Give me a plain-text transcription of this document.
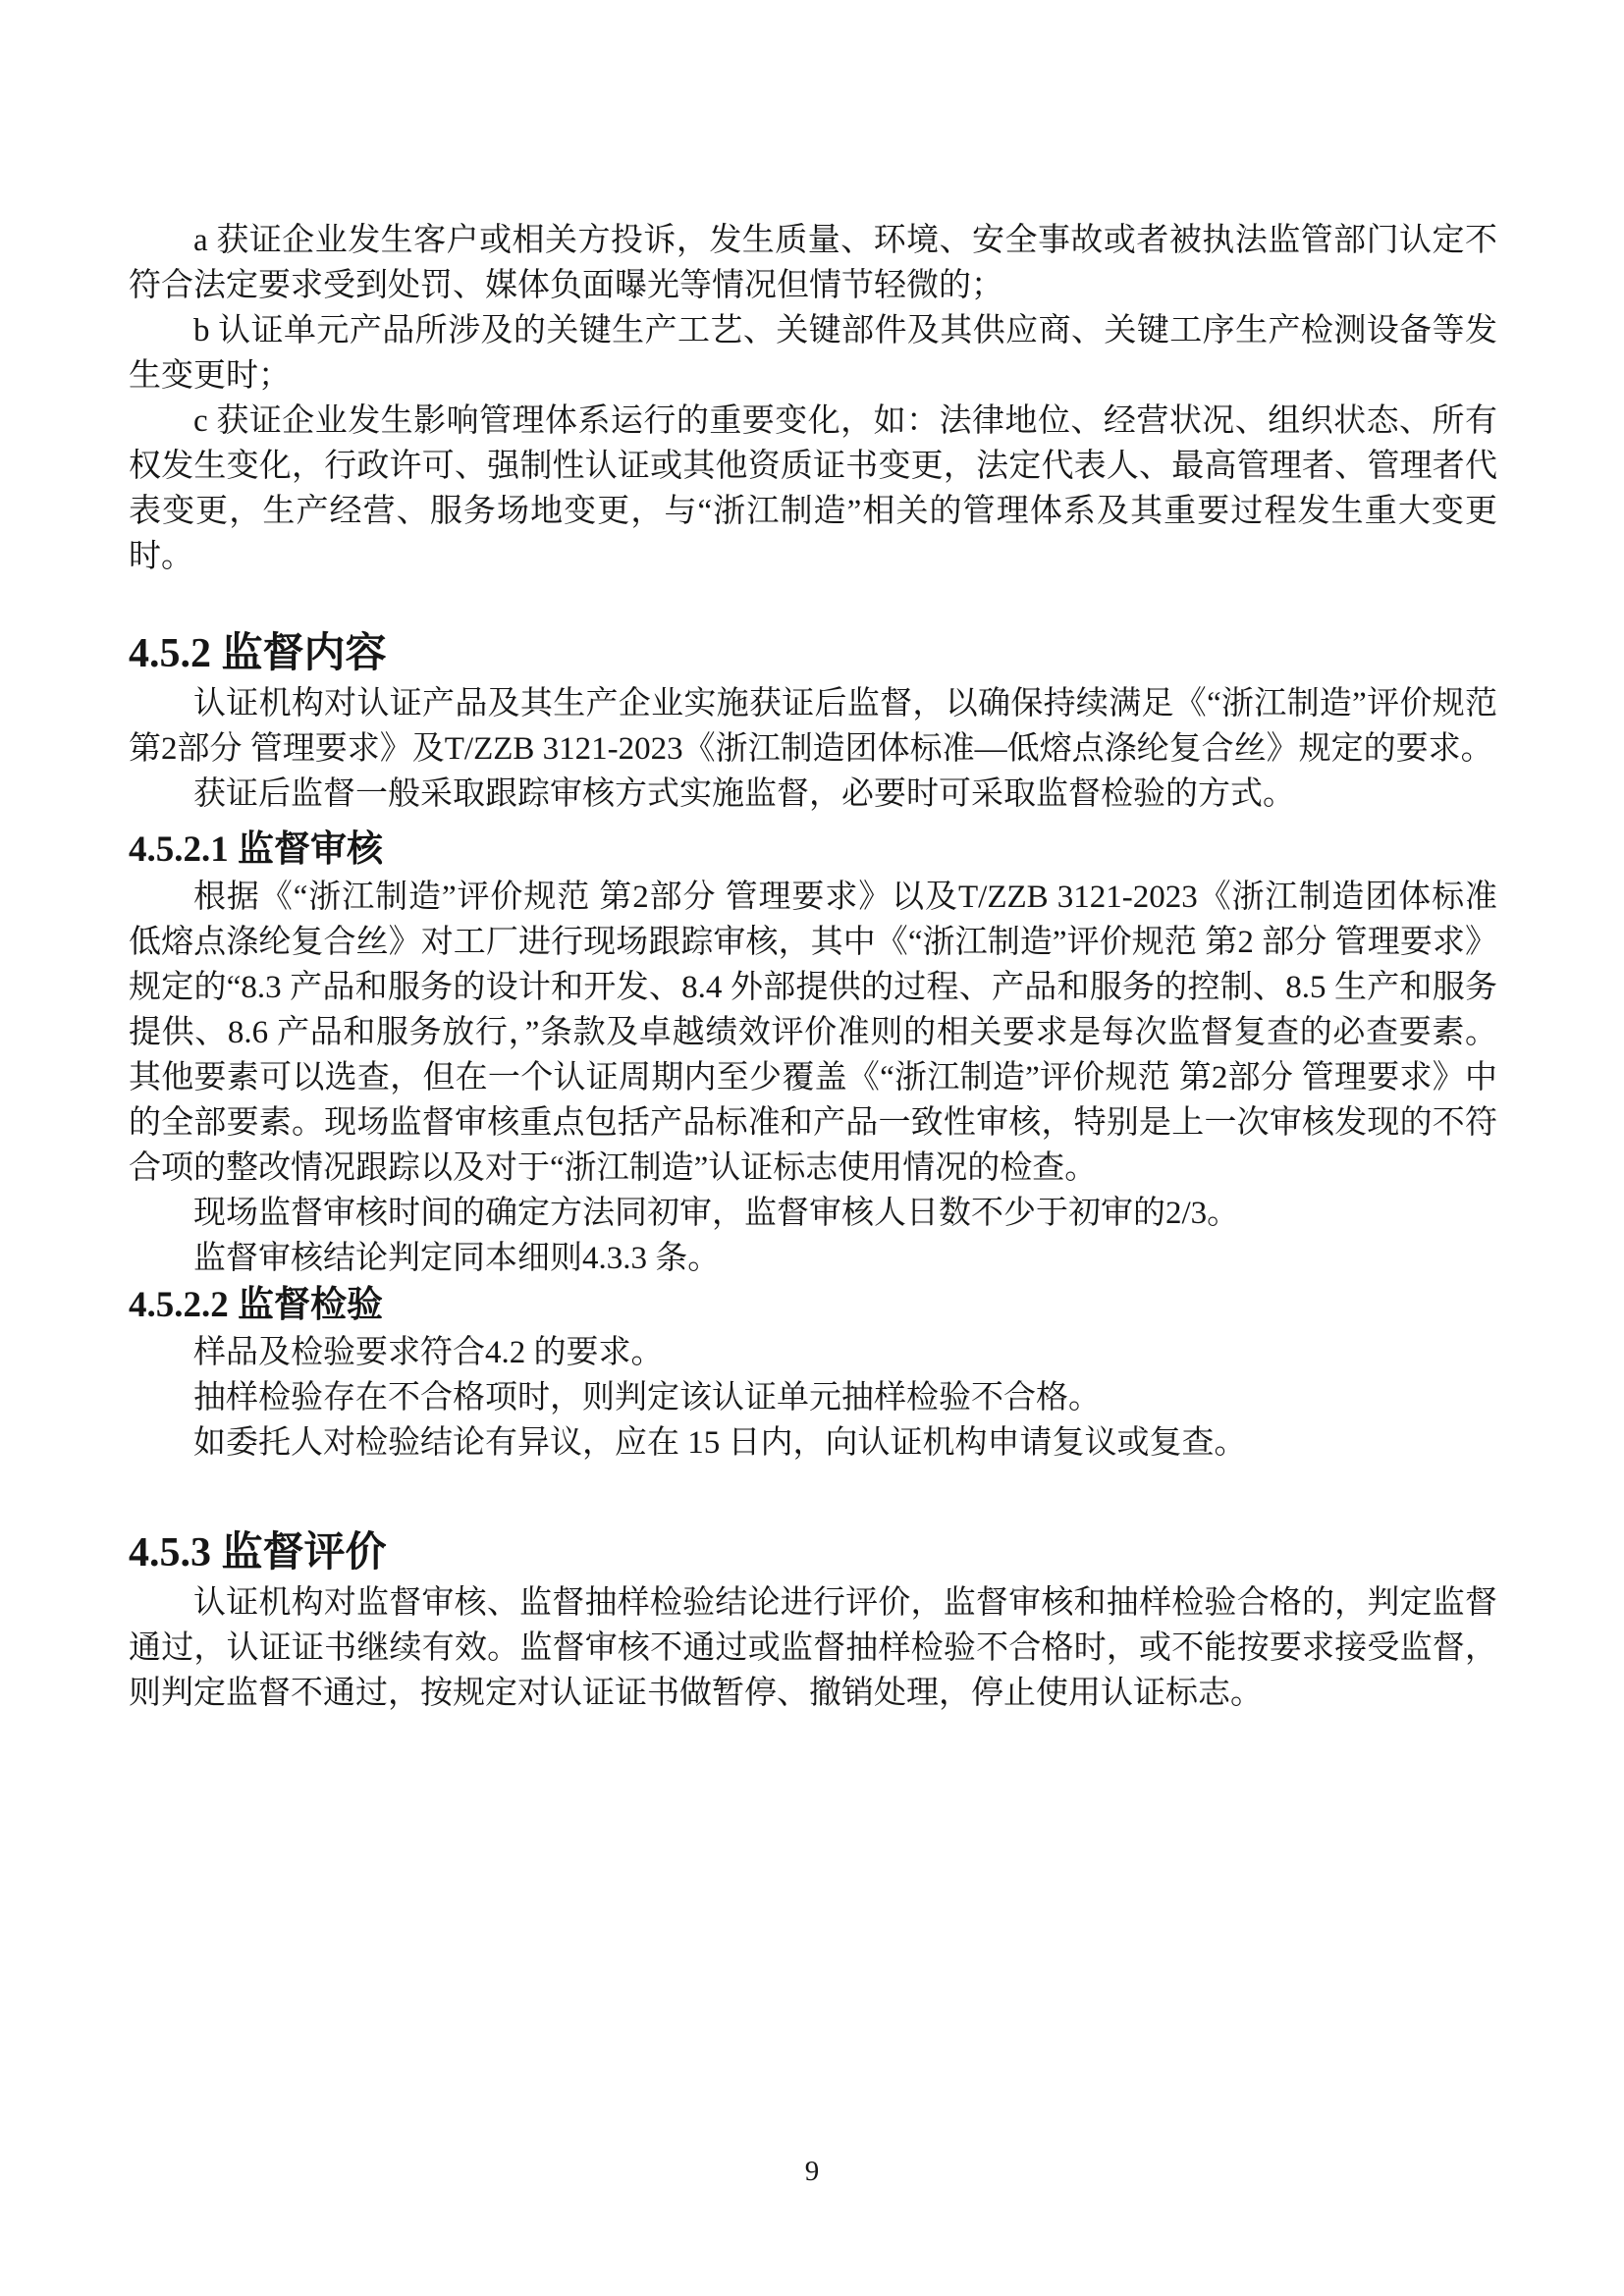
a 获证企业发生客户或相关方投诉，发生质量、环境、安全事故或者被执法监管部门认定不符合法定要求受到处罚、媒体负面曝光等情况但情节轻微的；

b 认证单元产品所涉及的关键生产工艺、关键部件及其供应商、关键工序生产检测设备等发生变更时；

c 获证企业发生影响管理体系运行的重要变化，如：法律地位、经营状况、组织状态、所有权发生变化，行政许可、强制性认证或其他资质证书变更，法定代表人、最高管理者、管理者代表变更，生产经营、服务场地变更，与“浙江制造”相关的管理体系及其重要过程发生重大变更时。

4.5.2 监督内容

认证机构对认证产品及其生产企业实施获证后监督，以确保持续满足《“浙江制造”评价规范 第2部分 管理要求》及T/ZZB 3121-2023《浙江制造团体标准—低熔点涤纶复合丝》规定的要求。

获证后监督一般采取跟踪审核方式实施监督，必要时可采取监督检验的方式。

4.5.2.1 监督审核

根据《“浙江制造”评价规范 第2部分 管理要求》以及T/ZZB 3121-2023《浙江制造团体标准低熔点涤纶复合丝》对工厂进行现场跟踪审核，其中《“浙江制造”评价规范 第2 部分 管理要求》规定的“8.3 产品和服务的设计和开发、8.4 外部提供的过程、产品和服务的控制、8.5 生产和服务提供、8.6 产品和服务放行，”条款及卓越绩效评价准则的相关要求是每次监督复查的必查要素。其他要素可以选查，但在一个认证周期内至少覆盖《“浙江制造”评价规范 第2部分 管理要求》中的全部要素。现场监督审核重点包括产品标准和产品一致性审核，特别是上一次审核发现的不符合项的整改情况跟踪以及对于“浙江制造”认证标志使用情况的检查。

现场监督审核时间的确定方法同初审，监督审核人日数不少于初审的2/3。

监督审核结论判定同本细则4.3.3 条。

4.5.2.2 监督检验

样品及检验要求符合4.2 的要求。

抽样检验存在不合格项时，则判定该认证单元抽样检验不合格。

如委托人对检验结论有异议，应在 15 日内，向认证机构申请复议或复查。

4.5.3 监督评价

认证机构对监督审核、监督抽样检验结论进行评价，监督审核和抽样检验合格的，判定监督通过，认证证书继续有效。监督审核不通过或监督抽样检验不合格时，或不能按要求接受监督，则判定监督不通过，按规定对认证证书做暂停、撤销处理，停止使用认证标志。

9
